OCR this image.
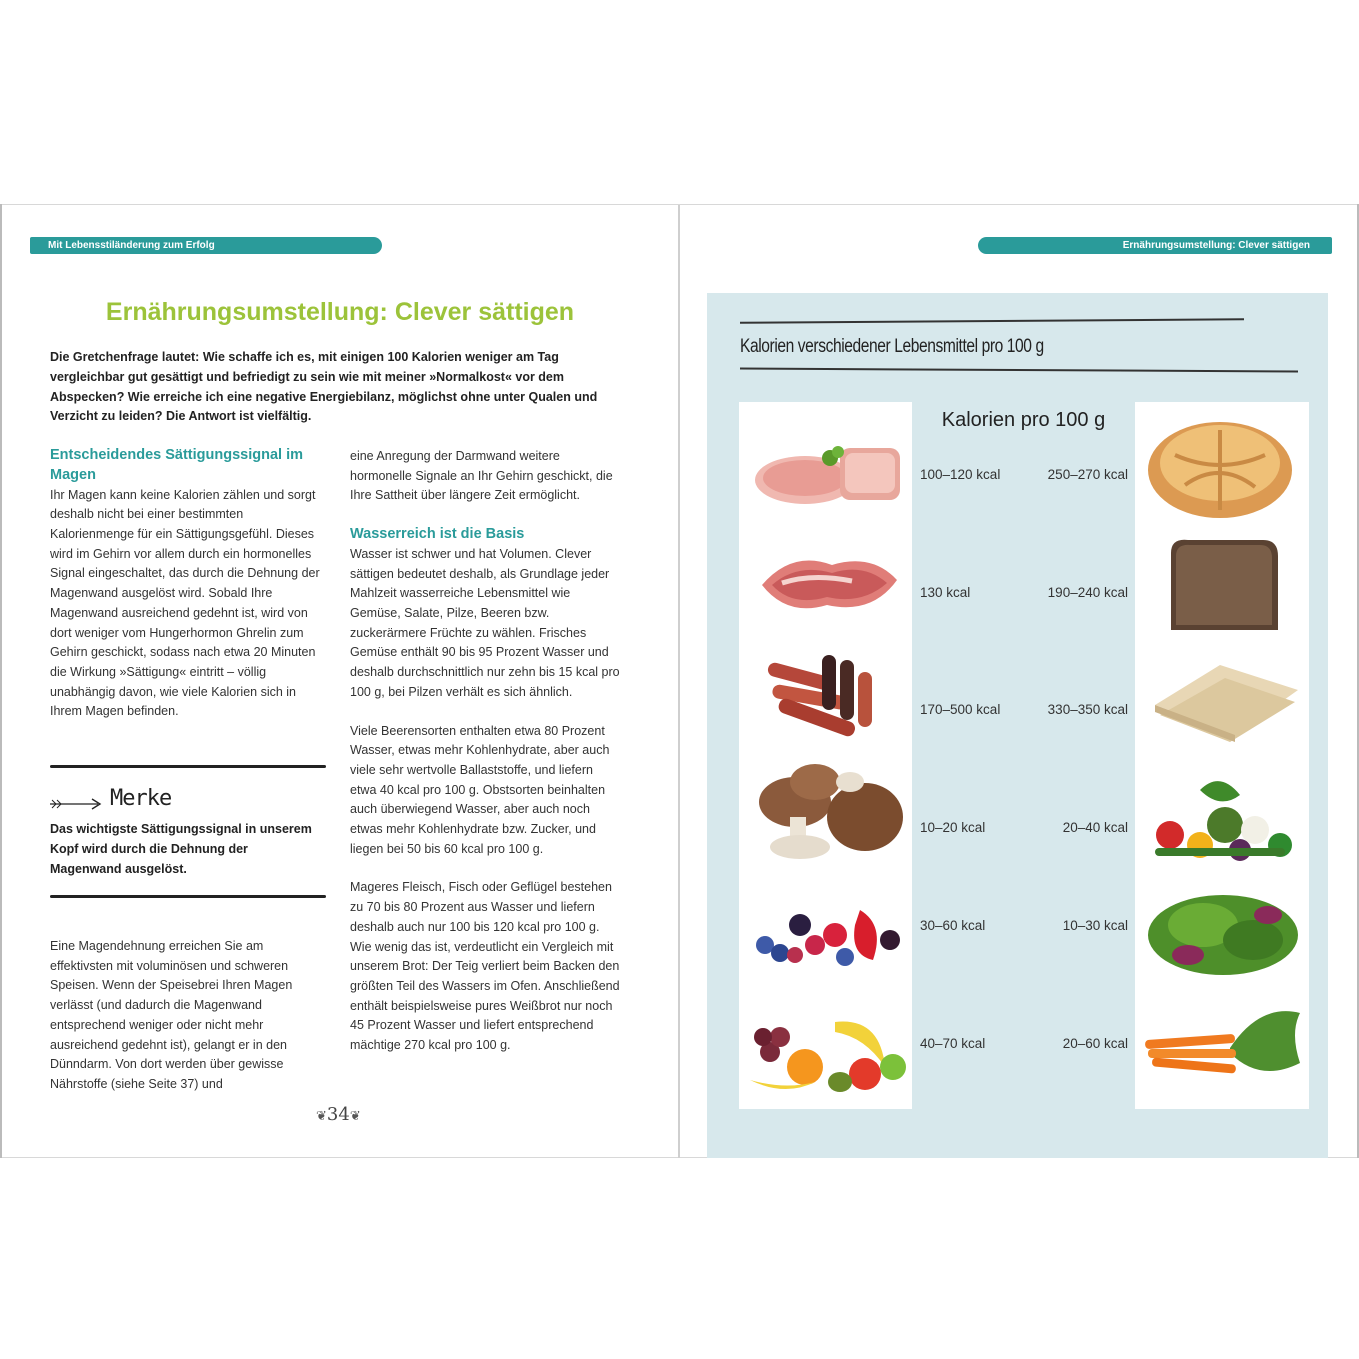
Mit Lebensstiländerung zum Erfolg
Ernährungsumstellung: Clever sättigen
Die Gretchenfrage lautet: Wie schaffe ich es, mit einigen 100 Kalorien weniger am Tag vergleichbar gut gesättigt und befriedigt zu sein wie mit meiner »Normalkost« vor dem Abspecken? Wie erreiche ich eine negative Energiebilanz, möglichst ohne unter Qualen und Verzicht zu leiden? Die Antwort ist vielfältig.

Entscheidendes Sättigungssignal im Magen

Ihr Magen kann keine Kalorien zählen und sorgt deshalb nicht bei einer bestimmten Kalorienmenge für ein Sättigungsgefühl. Dieses wird im Gehirn vor allem durch ein hormonelles Signal eingeschaltet, das durch die Dehnung der Magenwand ausgelöst wird. Sobald Ihre Magenwand ausreichend gedehnt ist, wird von dort weniger vom Hungerhormon Ghrelin zum Gehirn geschickt, sodass nach etwa 20 Minuten die Wirkung »Sättigung« eintritt – völlig unabhängig davon, wie viele Kalorien sich in Ihrem Magen befinden.

Merke
Das wichtigste Sättigungssignal in unserem Kopf wird durch die Dehnung der Magenwand ausgelöst.

Eine Magendehnung erreichen Sie am effektivsten mit voluminösen und schweren Speisen. Wenn der Speisebrei Ihren Magen verlässt (und dadurch die Magenwand entsprechend weniger oder nicht mehr ausreichend gedehnt ist), gelangt er in den Dünndarm. Von dort werden über gewisse Nährstoffe (siehe Seite 37) und

eine Anregung der Darmwand weitere hormonelle Signale an Ihr Gehirn geschickt, die Ihre Sattheit über längere Zeit ermöglicht.

Wasserreich ist die Basis

Wasser ist schwer und hat Volumen. Clever sättigen bedeutet deshalb, als Grundlage jeder Mahlzeit wasserreiche Lebensmittel wie Gemüse, Salate, Pilze, Beeren bzw. zuckerärmere Früchte zu wählen. Frisches Gemüse enthält 90 bis 95 Prozent Wasser und deshalb durchschnittlich nur zehn bis 15 kcal pro 100 g, bei Pilzen verhält es sich ähnlich.

Viele Beerensorten enthalten etwa 80 Prozent Wasser, etwas mehr Kohlenhydrate, aber auch viele sehr wertvolle Ballaststoffe, und liefern etwa 40 kcal pro 100 g. Obstsorten beinhalten auch überwiegend Wasser, aber auch noch etwas mehr Kohlenhydrate bzw. Zucker, und liegen bei 50 bis 60 kcal pro 100 g.

Mageres Fleisch, Fisch oder Geflügel bestehen zu 70 bis 80 Prozent aus Wasser und liefern deshalb auch nur 100 bis 120 kcal pro 100 g. Wie wenig das ist, verdeutlicht ein Vergleich mit unserem Brot: Der Teig verliert beim Backen den größten Teil des Wassers im Ofen. Anschließend enthält beispielsweise pures Weißbrot nur noch 45 Prozent Wasser und liefert entsprechend mächtige 270 kcal pro 100 g.

❦34❦
Ernährungsumstellung: Clever sättigen
Kalorien verschiedener Lebensmittel pro 100 g
Kalorien pro 100 g
100–120 kcal	250–270 kcal
130 kcal	190–240 kcal
170–500 kcal	330–350 kcal
10–20 kcal	20–40 kcal
30–60 kcal	10–30 kcal
40–70 kcal	20–60 kcal
